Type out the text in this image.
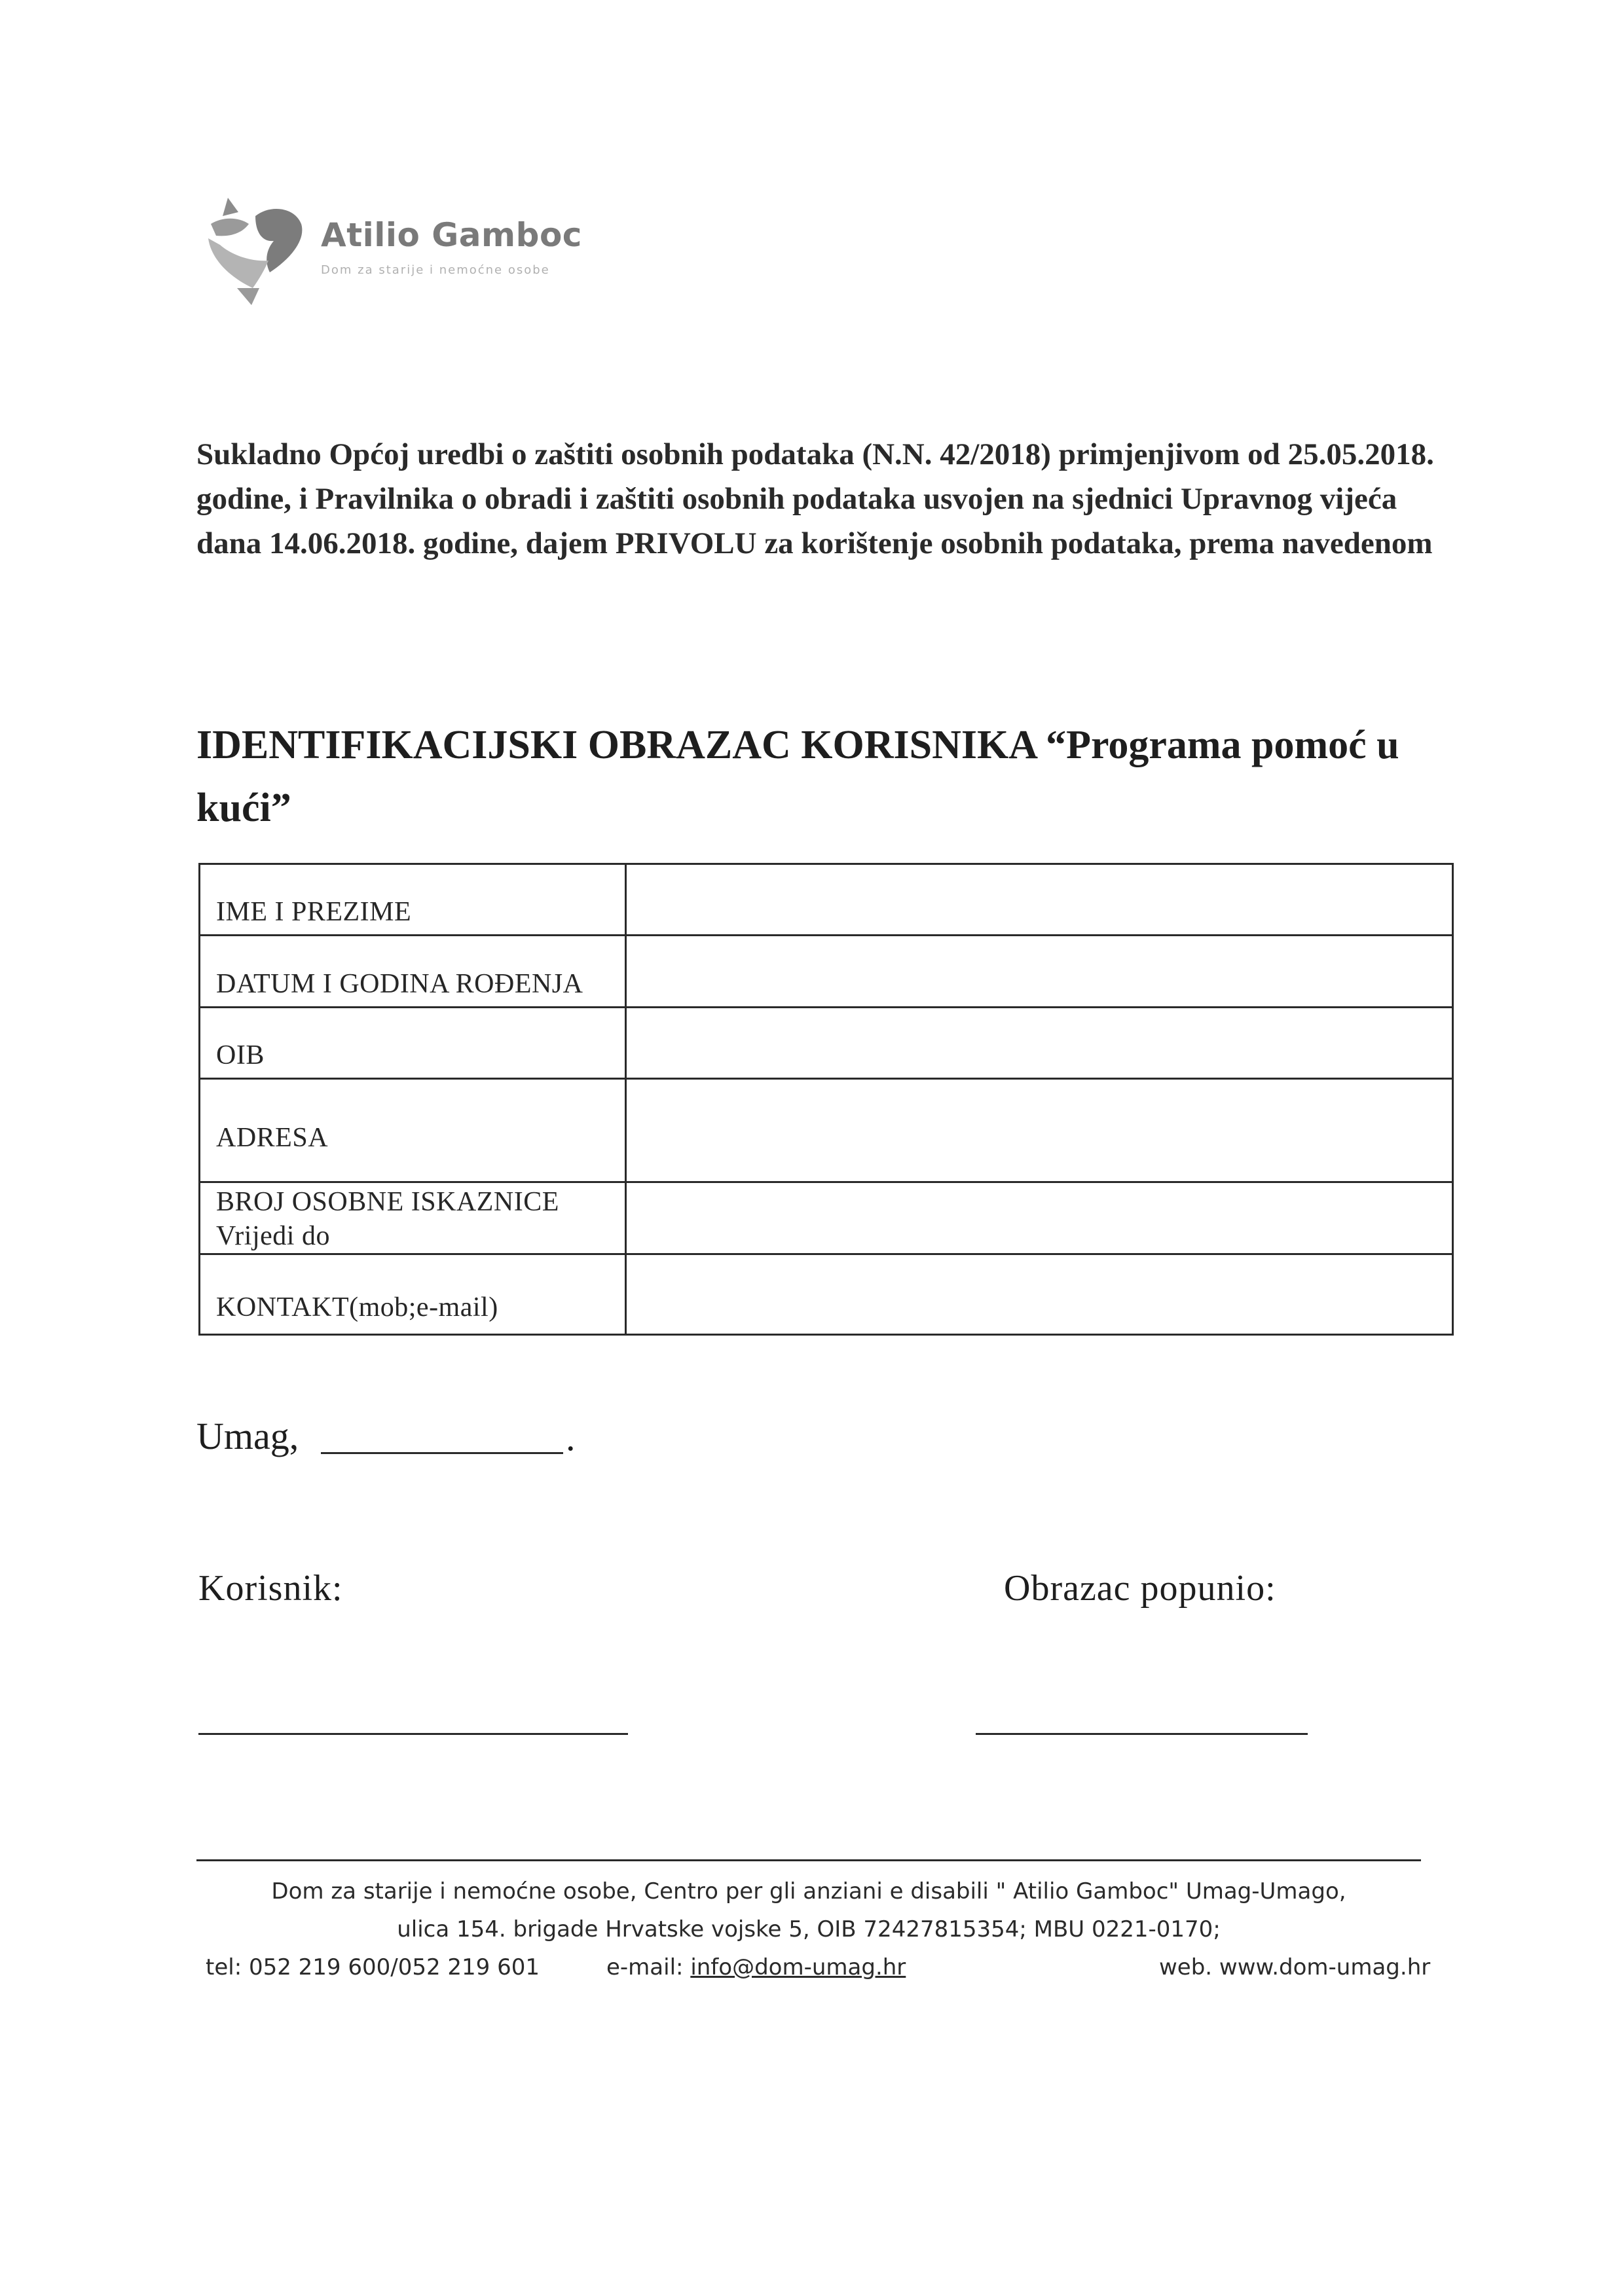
Atilio Gamboc
Dom za starije i nemoćne osobe
Sukladno Općoj uredbi o zaštiti osobnih podataka (N.N. 42/2018) primjenjivom od 25.05.2018. godine, i Pravilnika o obradi i zaštiti osobnih podataka usvojen na sjednici Upravnog vijeća dana 14.06.2018. godine, dajem PRIVOLU za korištenje osobnih podataka, prema navedenom
IDENTIFIKACIJSKI OBRAZAC KORISNIKA “Programa pomoć u kući”
IME I PREZIME
DATUM I GODINA ROĐENJA
OIB
ADRESA
BROJ OSOBNE ISKAZNICE
Vrijedi do
KONTAKT(mob;e-mail)
Umag,	.
Korisnik:	Obrazac popunio:
Dom za starije i nemoćne osobe, Centro per gli anziani e disabili " Atilio Gamboc" Umag-Umago,
ulica 154. brigade Hrvatske vojske 5, OIB 72427815354; MBU 0221-0170;
tel: 052 219 600/052 219 601	e-mail: info@dom-umag.hr	web. www.dom-umag.hr
